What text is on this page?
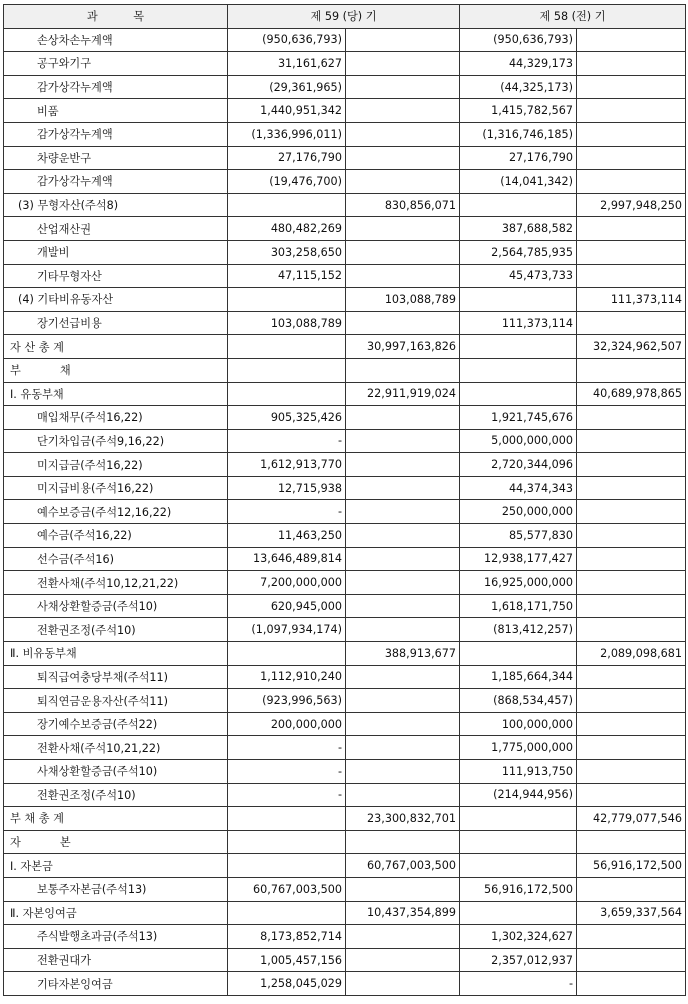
과          목	제 59 (당) 기		제 58 (전) 기	
손상차손누계액	(950,636,793)		(950,636,793)	
공구와기구	31,161,627		44,329,173	
감가상각누계액	(29,361,965)		(44,325,173)	
비품	1,440,951,342		1,415,782,567	
감가상각누계액	(1,336,996,011)		(1,316,746,185)	
차량운반구	27,176,790		27,176,790	
감가상각누계액	(19,476,700)		(14,041,342)	
(3) 무형자산(주석8)		830,856,071		2,997,948,250
산업재산권	480,482,269		387,688,582	
개발비	303,258,650		2,564,785,935	
기타무형자산	47,115,152		45,473,733	
(4) 기타비유동자산		103,088,789		111,373,114
장기선급비용	103,088,789		111,373,114	
자 산 총 계		30,997,163,826		32,324,962,507
부           채				
Ⅰ. 유동부채		22,911,919,024		40,689,978,865
매입채무(주석16,22)	905,325,426		1,921,745,676	
단기차입금(주석9,16,22)	-		5,000,000,000	
미지급금(주석16,22)	1,612,913,770		2,720,344,096	
미지급비용(주석16,22)	12,715,938		44,374,343	
예수보증금(주석12,16,22)	-		250,000,000	
예수금(주석16,22)	11,463,250		85,577,830	
선수금(주석16)	13,646,489,814		12,938,177,427	
전환사채(주석10,12,21,22)	7,200,000,000		16,925,000,000	
사채상환할증금(주석10)	620,945,000		1,618,171,750	
전환권조정(주석10)	(1,097,934,174)		(813,412,257)	
Ⅱ. 비유동부채		388,913,677		2,089,098,681
퇴직급여충당부채(주석11)	1,112,910,240		1,185,664,344	
퇴직연금운용자산(주석11)	(923,996,563)		(868,534,457)	
장기예수보증금(주석22)	200,000,000		100,000,000	
전환사채(주석10,21,22)	-		1,775,000,000	
사채상환할증금(주석10)	-		111,913,750	
전환권조정(주석10)	-		(214,944,956)	
부 채 총 계		23,300,832,701		42,779,077,546
자           본				
Ⅰ. 자본금		60,767,003,500		56,916,172,500
보통주자본금(주석13)	60,767,003,500		56,916,172,500	
Ⅱ. 자본잉여금		10,437,354,899		3,659,337,564
주식발행초과금(주석13)	8,173,852,714		1,302,324,627	
전환권대가	1,005,457,156		2,357,012,937	
기타자본잉여금	1,258,045,029		-	
